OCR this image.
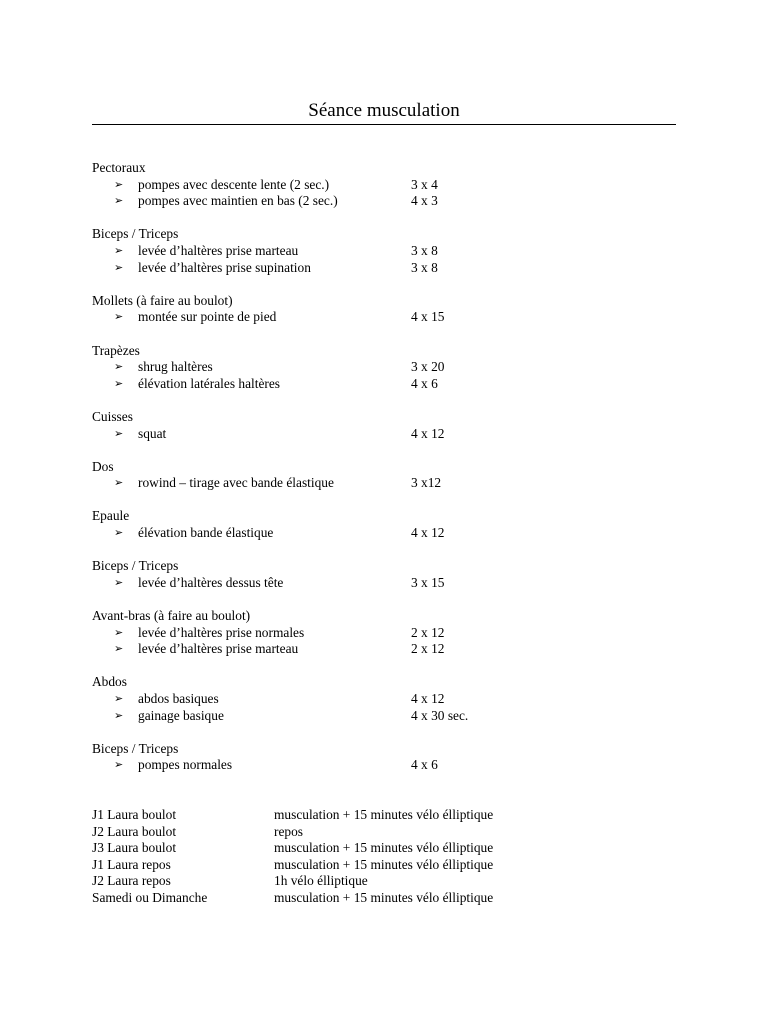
Séance musculation
Pectoraux
➢ pompes avec descente lente (2 sec.)	3 x 4
➢ pompes avec maintien en bas (2 sec.)	4 x 3
Biceps / Triceps
➢ levée d’haltères prise marteau	3 x 8
➢ levée d’haltères prise supination	3 x 8
Mollets (à faire au boulot)
➢ montée sur pointe de pied	4 x 15
Trapèzes
➢ shrug haltères	3 x 20
➢ élévation latérales haltères	4 x 6
Cuisses
➢ squat	4 x 12
Dos
➢ rowind – tirage avec bande élastique	3 x12
Epaule
➢ élévation bande élastique	4 x 12
Biceps / Triceps
➢ levée d’haltères dessus tête	3 x 15
Avant-bras (à faire au boulot)
➢ levée d’haltères prise normales	2 x 12
➢ levée d’haltères prise marteau	2 x 12
Abdos
➢ abdos basiques	4 x 12
➢ gainage basique	4 x 30 sec.
Biceps / Triceps
➢ pompes normales	4 x 6
J1 Laura boulot	musculation + 15 minutes vélo élliptique
J2 Laura boulot	repos
J3 Laura boulot	musculation + 15 minutes vélo élliptique
J1 Laura repos	musculation + 15 minutes vélo élliptique
J2 Laura repos	1h vélo élliptique
Samedi ou Dimanche	musculation + 15 minutes vélo élliptique
